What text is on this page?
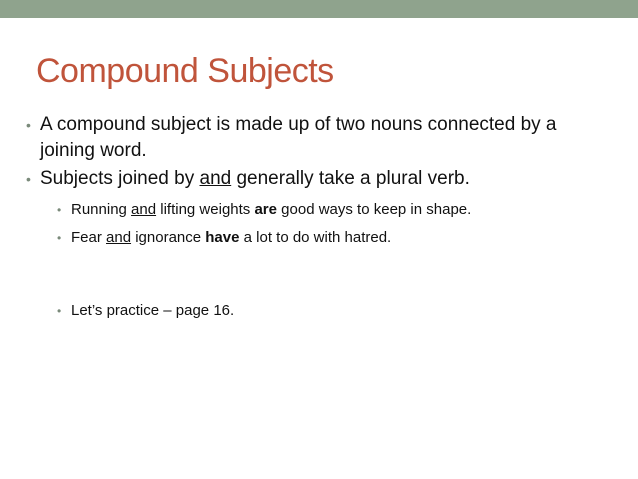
Compound Subjects
• A compound subject is made up of two nouns connected by a joining word.
• Subjects joined by and generally take a plural verb.
• Running and lifting weights are good ways to keep in shape.
• Fear and ignorance have a lot to do with hatred.
• Let’s practice – page 16.
